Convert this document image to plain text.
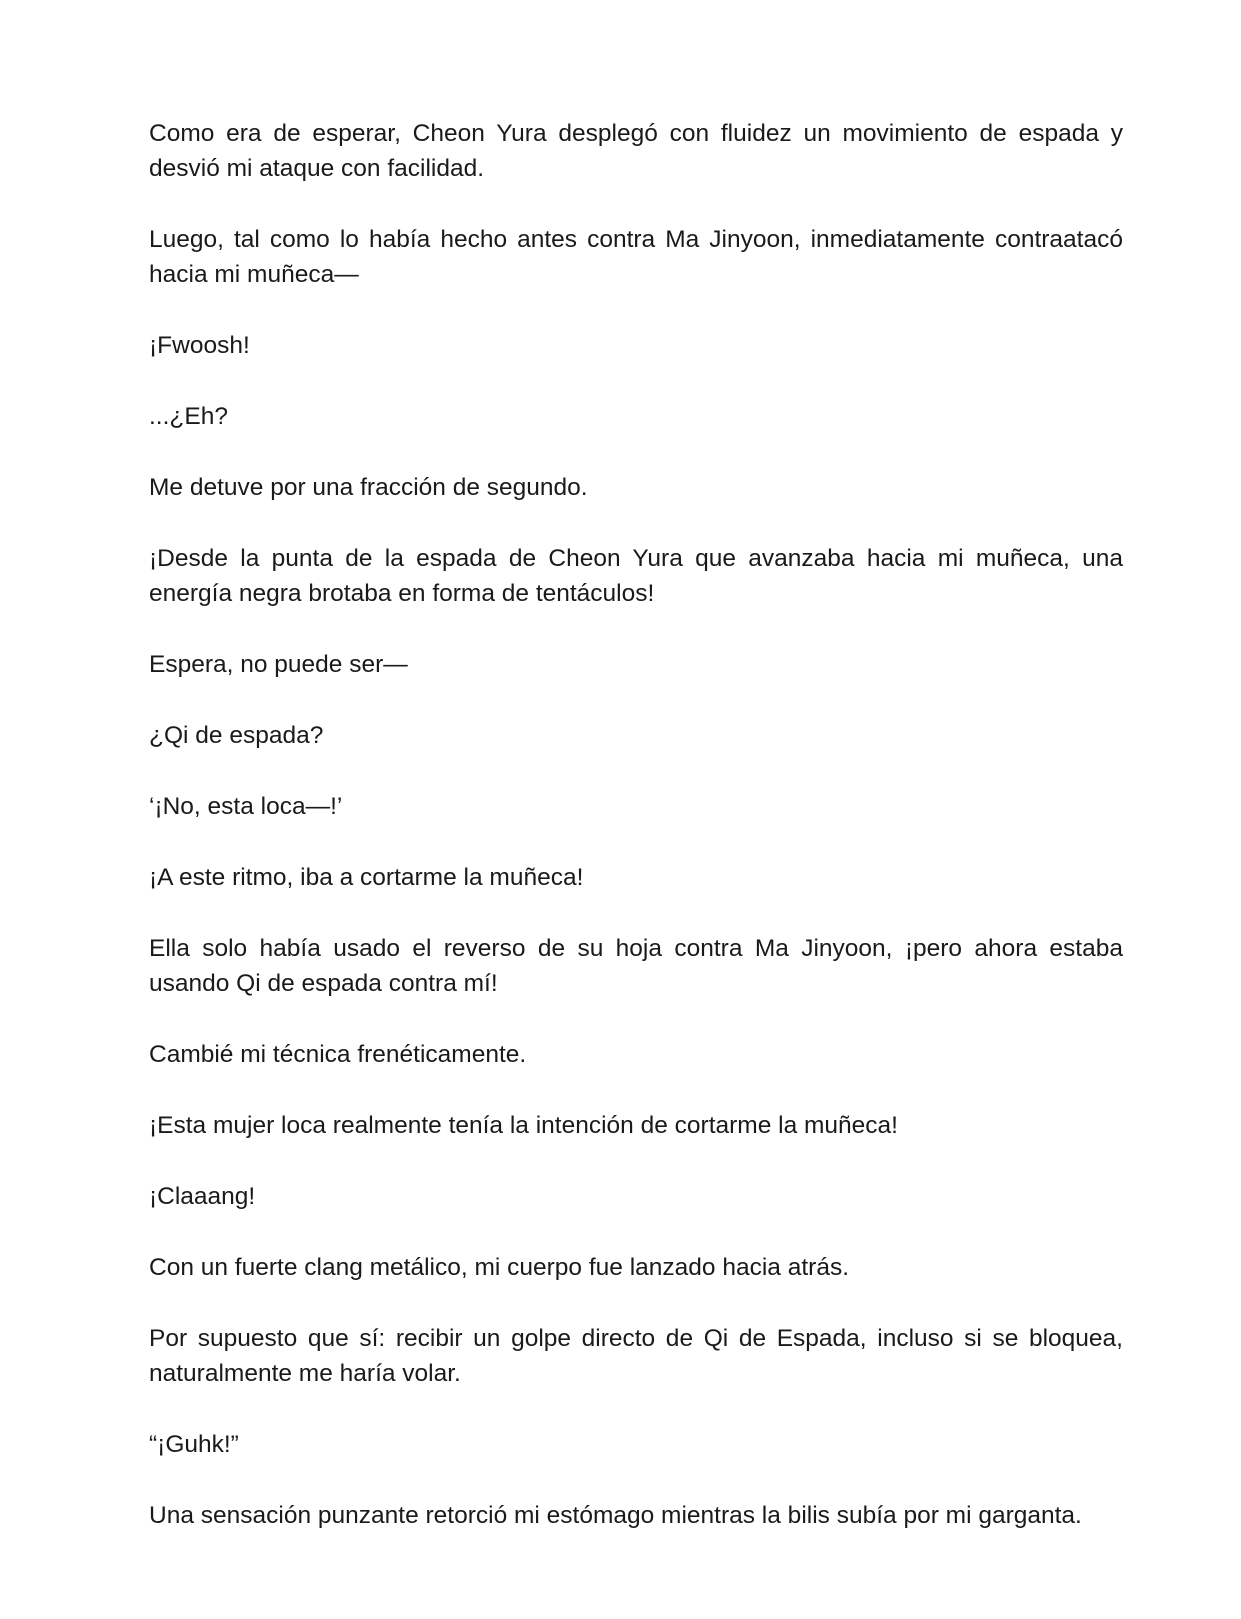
Como era de esperar, Cheon Yura desplegó con fluidez un movimiento de espada y desvió mi ataque con facilidad.

Luego, tal como lo había hecho antes contra Ma Jinyoon, inmediatamente contraatacó hacia mi muñeca—

¡Fwoosh!

...¿Eh?

Me detuve por una fracción de segundo.

¡Desde la punta de la espada de Cheon Yura que avanzaba hacia mi muñeca, una energía negra brotaba en forma de tentáculos!

Espera, no puede ser—

¿Qi de espada?

‘¡No, esta loca—!’

¡A este ritmo, iba a cortarme la muñeca!

Ella solo había usado el reverso de su hoja contra Ma Jinyoon, ¡pero ahora estaba usando Qi de espada contra mí!

Cambié mi técnica frenéticamente.

¡Esta mujer loca realmente tenía la intención de cortarme la muñeca!

¡Claaang!

Con un fuerte clang metálico, mi cuerpo fue lanzado hacia atrás.

Por supuesto que sí: recibir un golpe directo de Qi de Espada, incluso si se bloquea, naturalmente me haría volar.

“¡Guhk!”

Una sensación punzante retorció mi estómago mientras la bilis subía por mi garganta.
